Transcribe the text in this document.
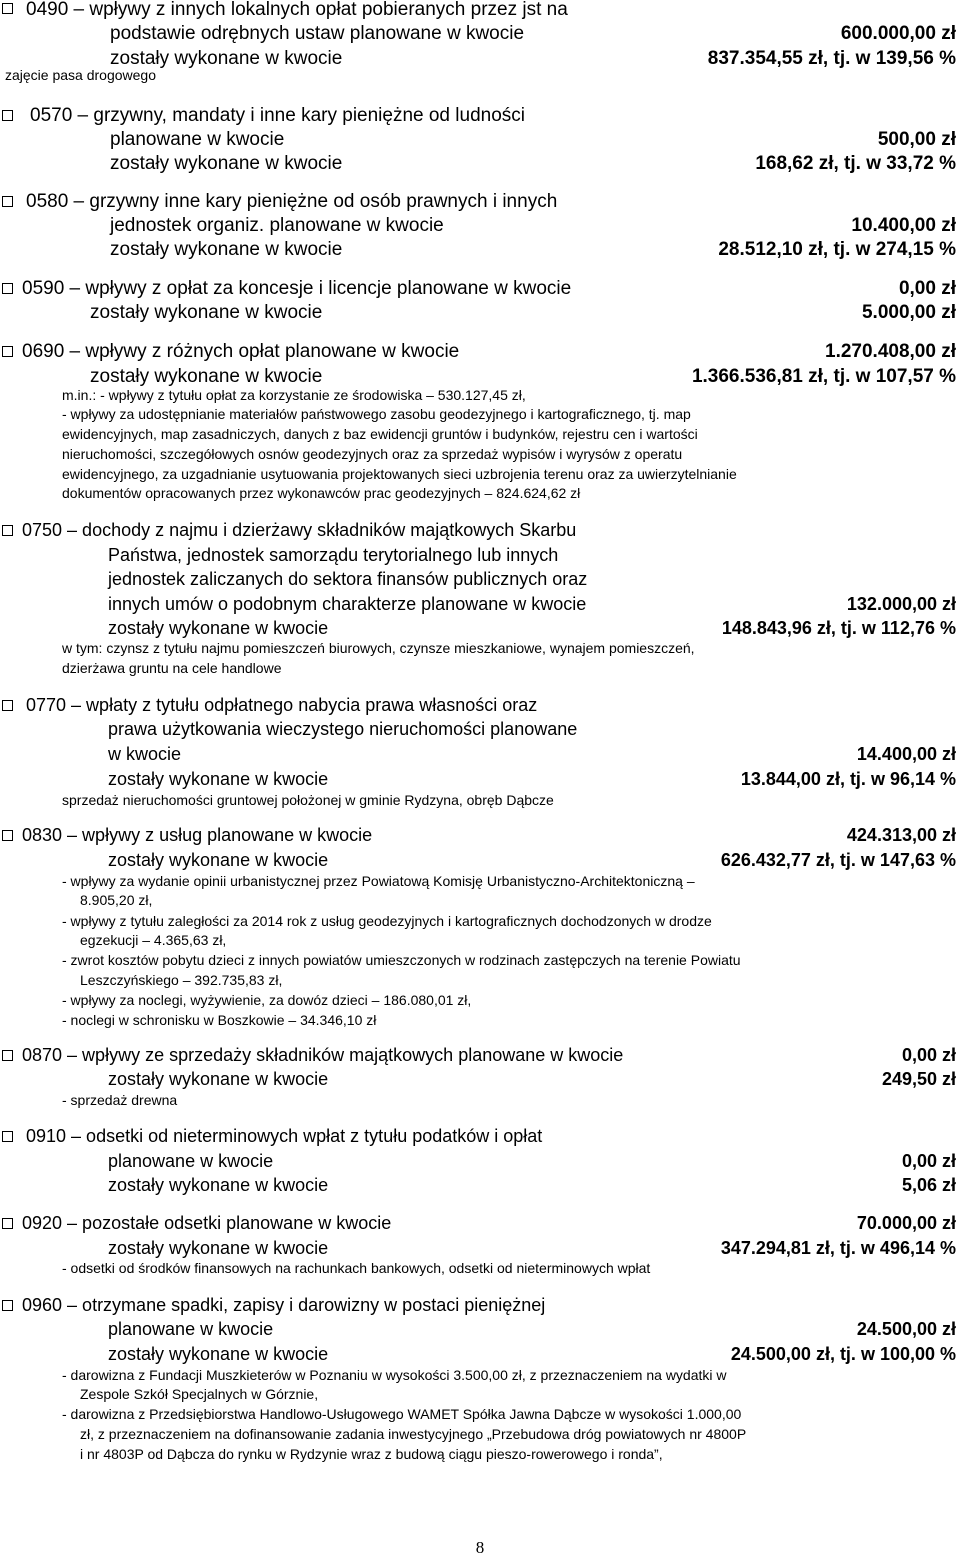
0490 – wpływy z innych lokalnych opłat pobieranych przez jst na
podstawie odrębnych ustaw planowane w kwocie	600.000,00 zł
zostały wykonane w kwocie	837.354,55 zł, tj. w 139,56 %
zajęcie pasa drogowego
0570 – grzywny, mandaty i inne kary pieniężne od ludności
planowane w kwocie	500,00 zł
zostały wykonane w kwocie	168,62 zł, tj. w 33,72 %
0580 – grzywny inne kary pieniężne od osób prawnych i innych
jednostek organiz. planowane w kwocie	10.400,00 zł
zostały wykonane w kwocie	28.512,10 zł, tj. w 274,15 %
0590 – wpływy z opłat za koncesje i licencje planowane w kwocie	0,00 zł
zostały wykonane w kwocie	5.000,00 zł
0690 – wpływy z różnych opłat planowane w kwocie	1.270.408,00 zł
zostały wykonane w kwocie	1.366.536,81 zł, tj. w 107,57 %
m.in.: - wpływy z tytułu opłat za korzystanie ze środowiska – 530.127,45 zł,
- wpływy za udostępnianie materiałów państwowego zasobu geodezyjnego i kartograficznego, tj. map
ewidencyjnych, map zasadniczych, danych z baz ewidencji gruntów i budynków, rejestru cen i wartości
nieruchomości, szczegółowych osnów geodezyjnych oraz za sprzedaż wypisów i wyrysów z operatu
ewidencyjnego, za uzgadnianie usytuowania projektowanych sieci uzbrojenia terenu oraz za uwierzytelnianie
dokumentów opracowanych przez wykonawców prac geodezyjnych – 824.624,62 zł
0750 – dochody z najmu i dzierżawy składników majątkowych Skarbu
Państwa, jednostek samorządu terytorialnego lub innych
jednostek zaliczanych do sektora finansów publicznych oraz
innych umów o podobnym charakterze planowane w kwocie	132.000,00 zł
zostały wykonane w kwocie	148.843,96 zł, tj. w 112,76 %
w tym: czynsz z tytułu najmu pomieszczeń biurowych, czynsze mieszkaniowe, wynajem pomieszczeń,
dzierżawa gruntu na cele handlowe
0770 – wpłaty z tytułu odpłatnego nabycia prawa własności oraz
prawa użytkowania wieczystego nieruchomości planowane
w kwocie	14.400,00 zł
zostały wykonane w kwocie	13.844,00 zł, tj. w 96,14 %
sprzedaż nieruchomości gruntowej położonej w gminie Rydzyna, obręb Dąbcze
0830 – wpływy z usług planowane w kwocie	424.313,00 zł
zostały wykonane w kwocie	626.432,77 zł, tj. w 147,63 %
- wpływy za wydanie opinii urbanistycznej przez Powiatową Komisję Urbanistyczno-Architektoniczną –
8.905,20 zł,
- wpływy z tytułu zaległości za 2014 rok z usług geodezyjnych i kartograficznych dochodzonych w drodze
egzekucji – 4.365,63 zł,
- zwrot kosztów pobytu dzieci z innych powiatów umieszczonych w rodzinach zastępczych na terenie Powiatu
Leszczyńskiego – 392.735,83 zł,
- wpływy za noclegi, wyżywienie, za dowóz dzieci – 186.080,01 zł,
- noclegi w schronisku w Boszkowie – 34.346,10 zł
0870 – wpływy ze sprzedaży składników majątkowych planowane w kwocie	0,00 zł
zostały wykonane w kwocie	249,50 zł
- sprzedaż drewna
0910 – odsetki od nieterminowych wpłat z tytułu podatków i opłat
planowane w kwocie	0,00 zł
zostały wykonane w kwocie	5,06 zł
0920 – pozostałe odsetki planowane w kwocie	70.000,00 zł
zostały wykonane w kwocie	347.294,81 zł, tj. w 496,14 %
- odsetki od środków finansowych na rachunkach bankowych, odsetki od nieterminowych wpłat
0960 – otrzymane spadki, zapisy i darowizny w postaci pieniężnej
planowane w kwocie	24.500,00 zł
zostały wykonane w kwocie	24.500,00 zł, tj. w 100,00 %
- darowizna z Fundacji Muszkieterów w Poznaniu w wysokości 3.500,00 zł, z przeznaczeniem na wydatki w
Zespole Szkół Specjalnych w Górznie,
- darowizna z Przedsiębiorstwa Handlowo-Usługowego WAMET Spółka Jawna Dąbcze w wysokości 1.000,00
zł, z przeznaczeniem na dofinansowanie zadania inwestycyjnego „Przebudowa dróg powiatowych nr 4800P
i nr 4803P od Dąbcza do rynku w Rydzynie wraz z budową ciągu pieszo-rowerowego i ronda”,
8
